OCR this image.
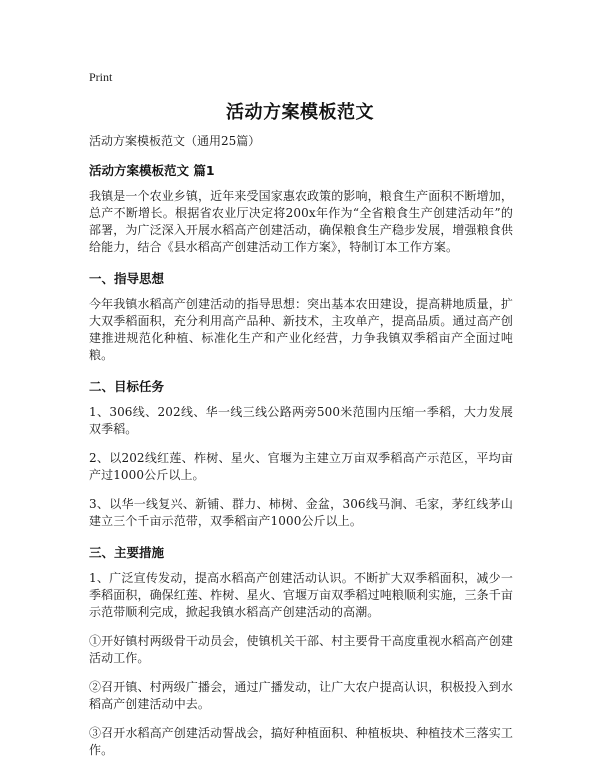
Print
活动方案模板范文

活动方案模板范文（通用25篇）

活动方案模板范文 篇1

我镇是一个农业乡镇，近年来受国家惠农政策的影响，粮食生产面积不断增加，总产不断增长。根据省农业厅决定将200x年作为“全省粮食生产创建活动年”的部署，为广泛深入开展水稻高产创建活动，确保粮食生产稳步发展，增强粮食供给能力，结合《县水稻高产创建活动工作方案》，特制订本工作方案。

一、指导思想

今年我镇水稻高产创建活动的指导思想：突出基本农田建设，提高耕地质量，扩大双季稻面积，充分利用高产品种、新技术，主攻单产，提高品质。通过高产创建推进规范化种植、标准化生产和产业化经营，力争我镇双季稻亩产全面过吨粮。

二、目标任务

1、306线、202线、华一线三线公路两旁500米范围内压缩一季稻，大力发展双季稻。

2、以202线红莲、柞树、星火、官堰为主建立万亩双季稻高产示范区，平均亩产过1000公斤以上。

3、以华一线复兴、新铺、群力、柿树、金盆，306线马涧、毛家，茅红线茅山建立三个千亩示范带，双季稻亩产1000公斤以上。

三、主要措施

1、广泛宣传发动，提高水稻高产创建活动认识。不断扩大双季稻面积，减少一季稻面积，确保红莲、柞树、星火、官堰万亩双季稻过吨粮顺利实施，三条千亩示范带顺利完成，掀起我镇水稻高产创建活动的高潮。

①开好镇村两级骨干动员会，使镇机关干部、村主要骨干高度重视水稻高产创建活动工作。

②召开镇、村两级广播会，通过广播发动，让广大农户提高认识，积极投入到水稻高产创建活动中去。

③召开水稻高产创建活动誓战会，搞好种植面积、种植板块、种植技术三落实工作。
